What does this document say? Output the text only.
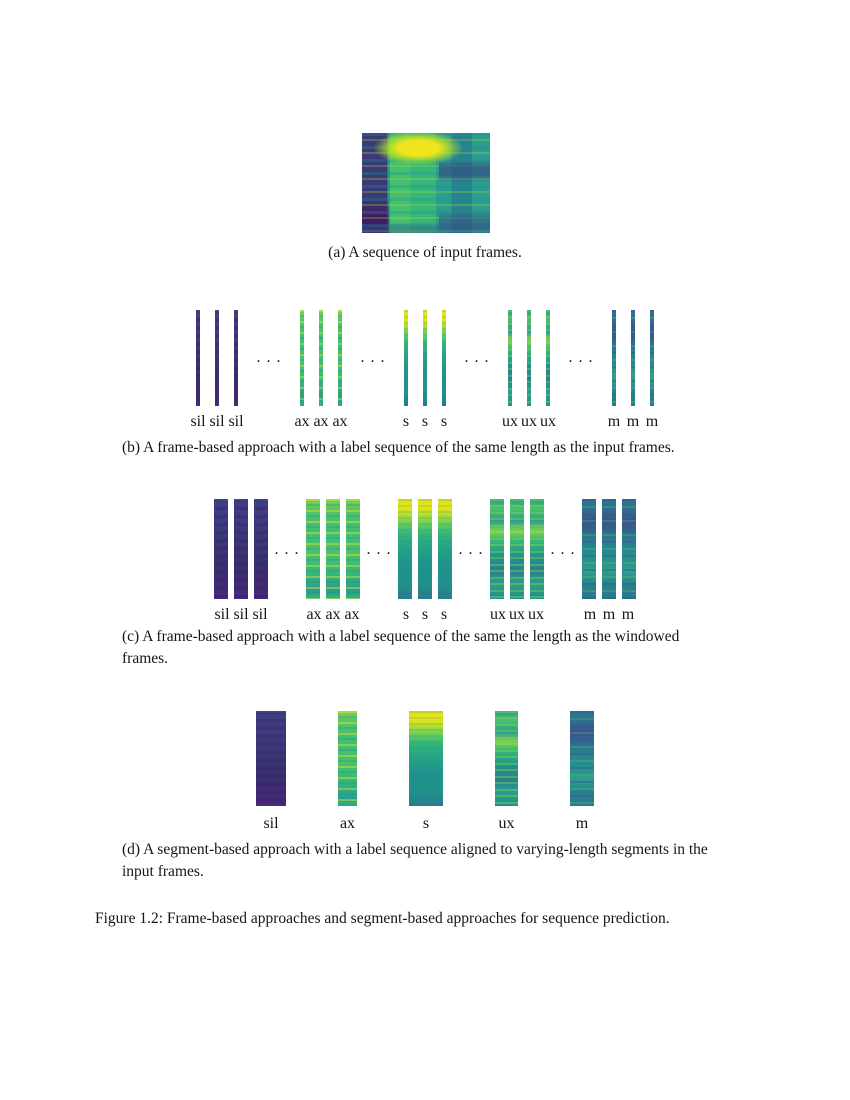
(a) A sequence of input frames.
sil sil sil
. . .
ax ax ax
. . .
s s s
. . .
ux ux ux
. . .
m m m
(b) A frame-based approach with a label sequence of the same length as the input frames.
sil sil sil
. . .
ax ax ax
. . .
s s s
. . .
ux ux ux
. . .
m m m
(c) A frame-based approach with a label sequence of the same the length as the windowed frames.
sil	ax	s	ux	m
(d) A segment-based approach with a label sequence aligned to varying-length segments in the input frames.
Figure 1.2: Frame-based approaches and segment-based approaches for sequence prediction.
